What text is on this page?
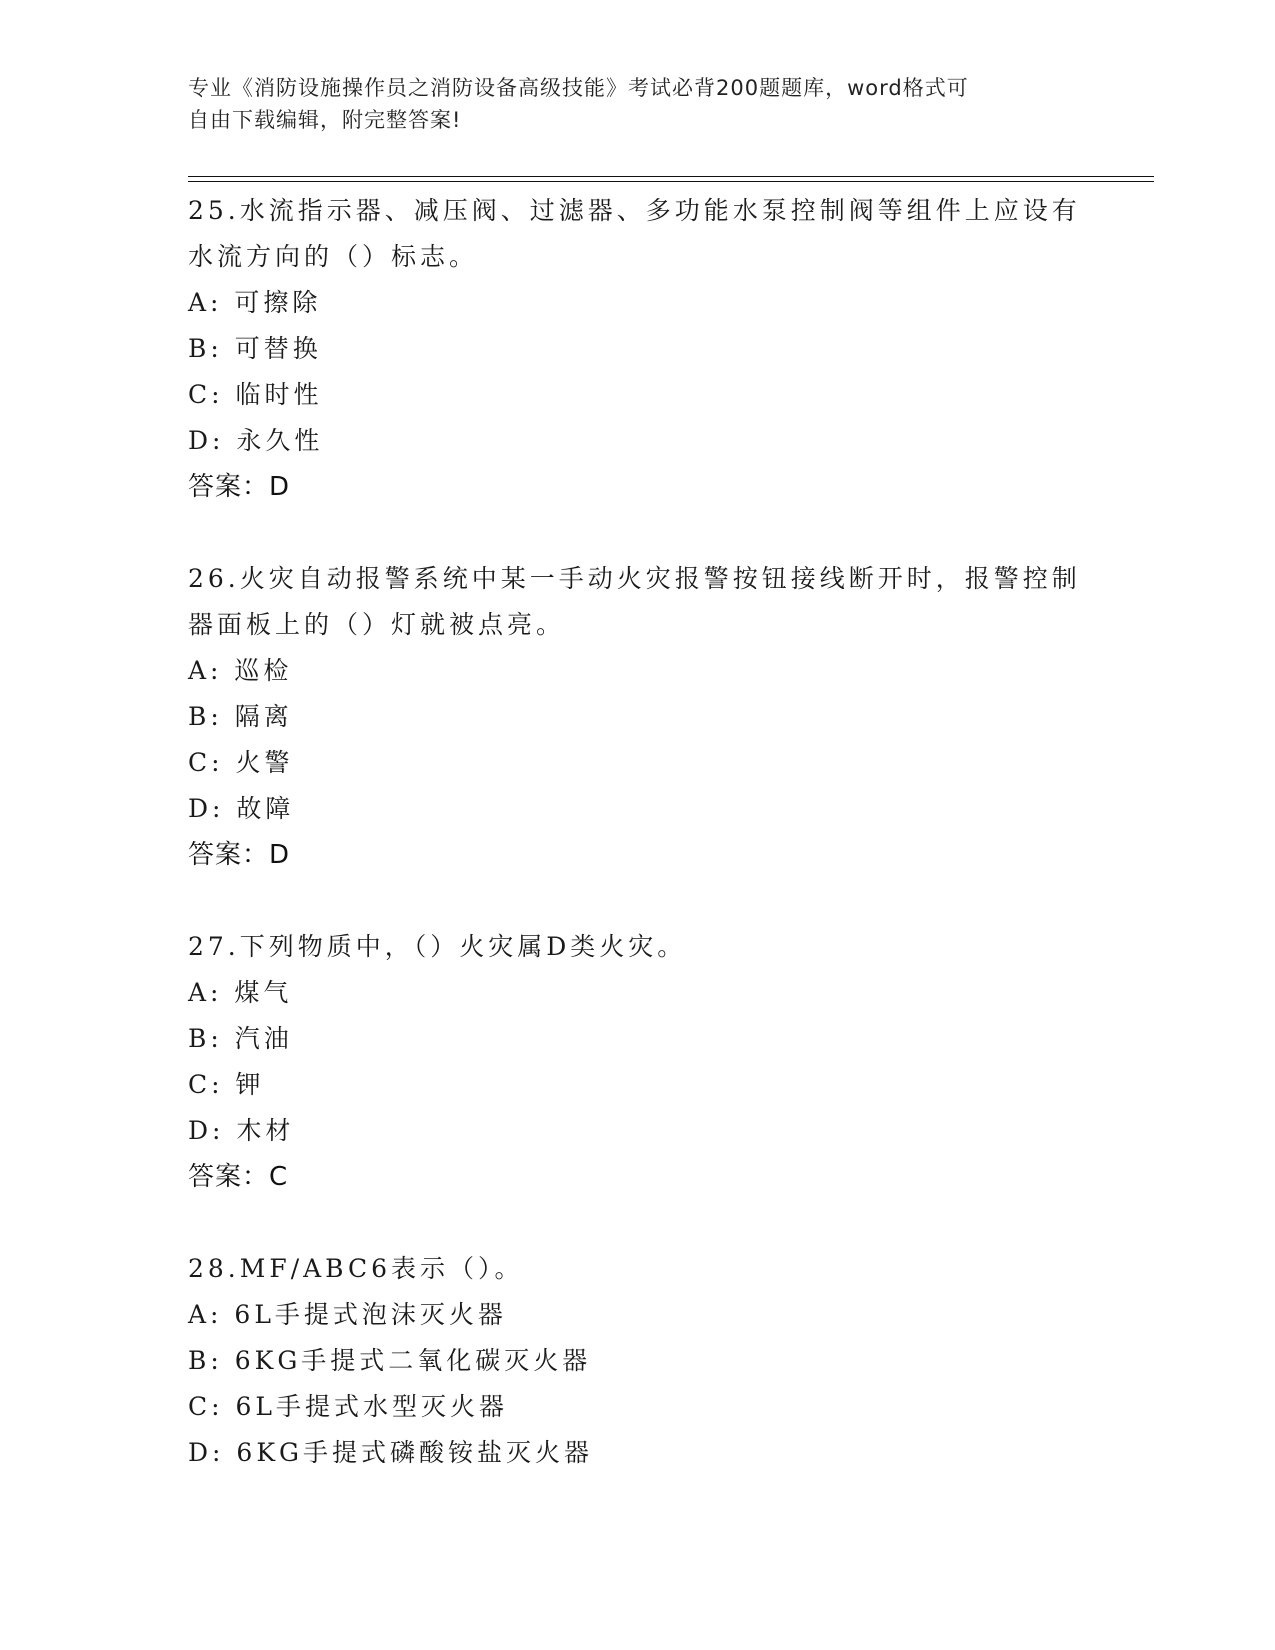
专业《消防设施操作员之消防设备高级技能》考试必背200题题库，word格式可
自由下载编辑，附完整答案!
25.水流指示器、减压阀、过滤器、多功能水泵控制阀等组件上应设有
水流方向的（）标志。
A: 可擦除
B: 可替换
C: 临时性
D: 永久性
答案：D
26.火灾自动报警系统中某一手动火灾报警按钮接线断开时，报警控制
器面板上的（）灯就被点亮。
A: 巡检
B: 隔离
C: 火警
D: 故障
答案：D
27.下列物质中，（）火灾属D类火灾。
A: 煤气
B: 汽油
C: 钾
D: 木材
答案：C
28.MF/ABC6表示（）。
A: 6L手提式泡沫灭火器
B: 6KG手提式二氧化碳灭火器
C: 6L手提式水型灭火器
D: 6KG手提式磷酸铵盐灭火器
